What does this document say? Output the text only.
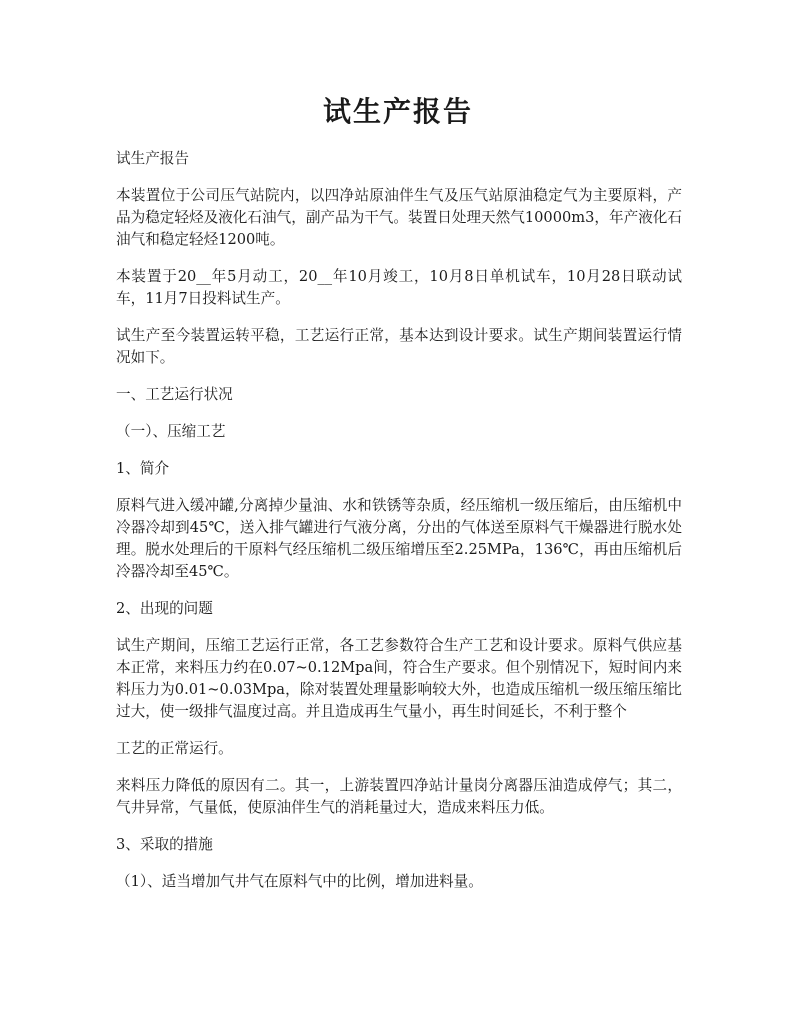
试生产报告

试生产报告

本装置位于公司压气站院内，以四净站原油伴生气及压气站原油稳定气为主要原料，产品为稳定轻烃及液化石油气，副产品为干气。装置日处理天然气10000m3，年产液化石油气和稳定轻烃1200吨。

本装置于20__年5月动工，20__年10月竣工，10月8日单机试车，10月28日联动试车，11月7日投料试生产。

试生产至今装置运转平稳，工艺运行正常，基本达到设计要求。试生产期间装置运行情况如下。

一、工艺运行状况

（一）、压缩工艺

1、简介

原料气进入缓冲罐,分离掉少量油、水和铁锈等杂质，经压缩机一级压缩后，由压缩机中冷器冷却到45℃，送入排气罐进行气液分离，分出的气体送至原料气干燥器进行脱水处理。脱水处理后的干原料气经压缩机二级压缩增压至2.25MPa，136℃，再由压缩机后冷器冷却至45℃。

2、出现的问题

试生产期间，压缩工艺运行正常，各工艺参数符合生产工艺和设计要求。原料气供应基本正常，来料压力约在0.07~0.12Mpa间，符合生产要求。但个别情况下，短时间内来料压力为0.01~0.03Mpa，除对装置处理量影响较大外，也造成压缩机一级压缩压缩比过大，使一级排气温度过高。并且造成再生气量小，再生时间延长，不利于整个

工艺的正常运行。

来料压力降低的原因有二。其一，上游装置四净站计量岗分离器压油造成停气；其二，气井异常，气量低，使原油伴生气的消耗量过大，造成来料压力低。

3、采取的措施

（1）、适当增加气井气在原料气中的比例，增加进料量。
